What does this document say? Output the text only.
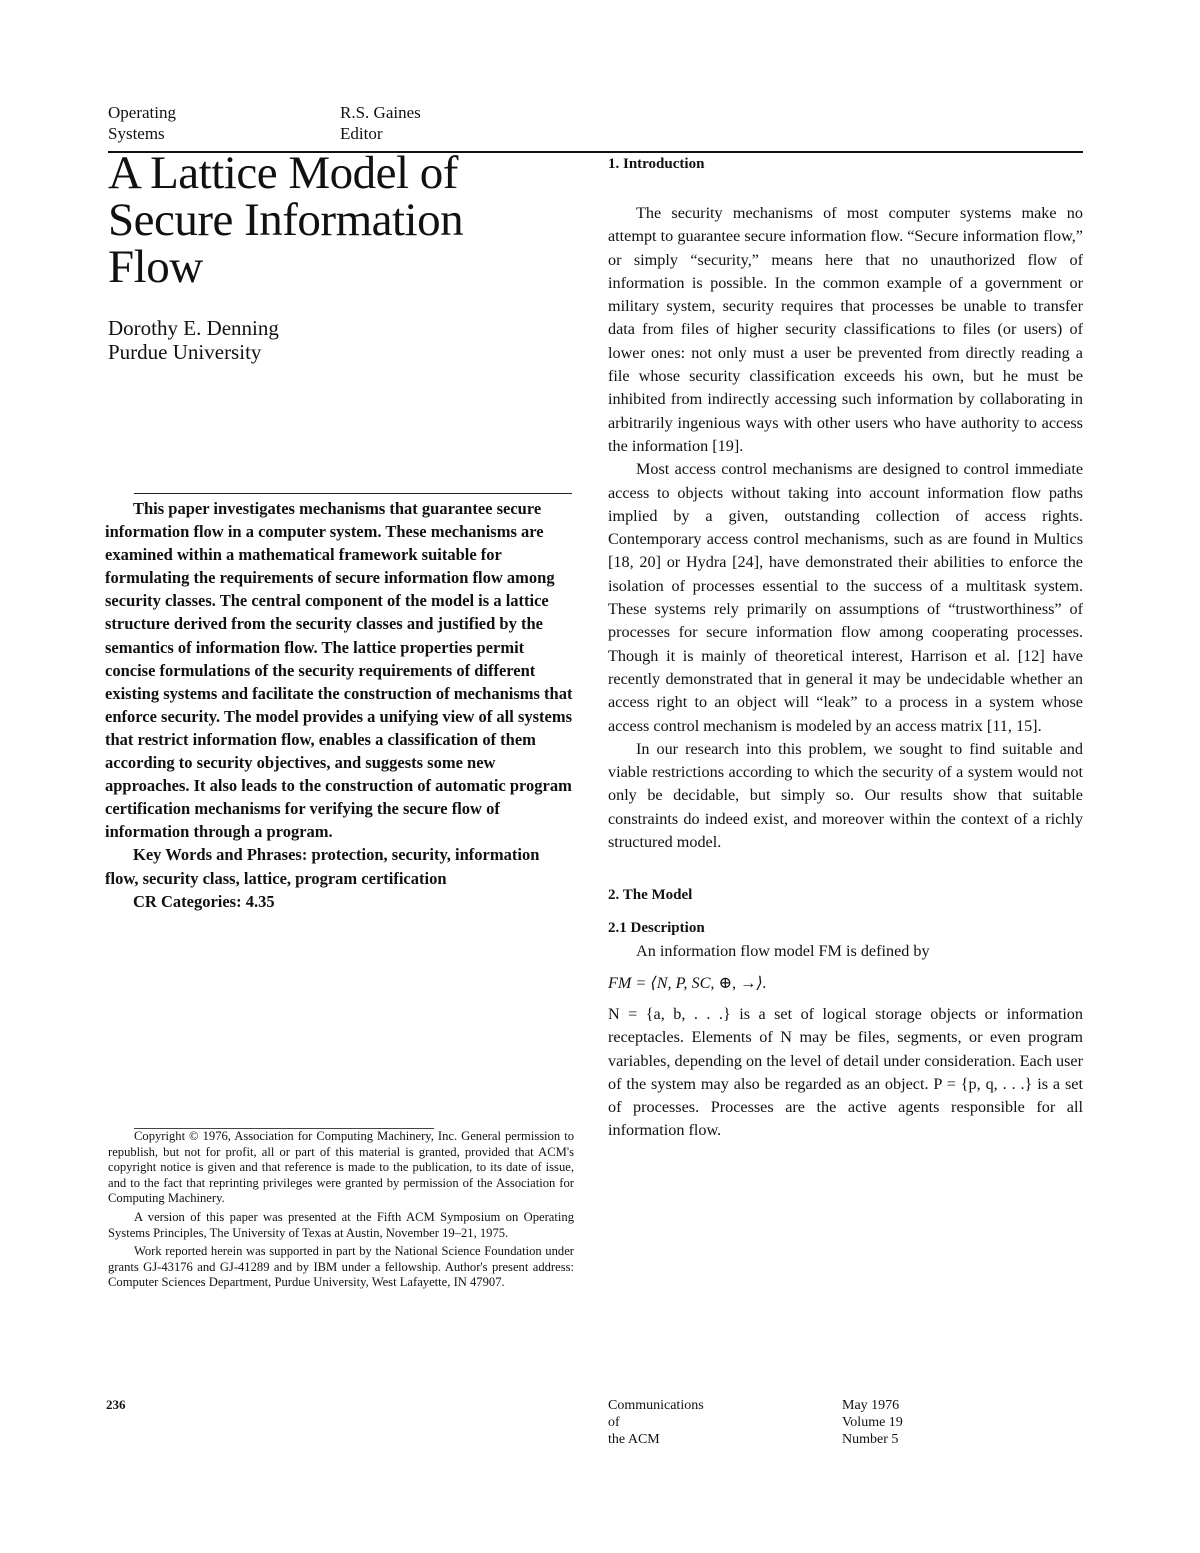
Operating
Systems
R.S. Gaines
Editor
A Lattice Model of
Secure Information
Flow
Dorothy E. Denning
Purdue University

This paper investigates mechanisms that guarantee secure information flow in a computer system. These mechanisms are examined within a mathematical framework suitable for formulating the requirements of secure information flow among security classes. The central component of the model is a lattice structure derived from the security classes and justified by the semantics of information flow. The lattice properties permit concise formulations of the security requirements of different existing systems and facilitate the construction of mechanisms that enforce security. The model provides a unifying view of all systems that restrict information flow, enables a classification of them according to security objectives, and suggests some new approaches. It also leads to the construction of automatic program certification mechanisms for verifying the secure flow of information through a program.

Key Words and Phrases: protection, security, information flow, security class, lattice, program certification

CR Categories: 4.35

Copyright © 1976, Association for Computing Machinery, Inc. General permission to republish, but not for profit, all or part of this material is granted, provided that ACM's copyright notice is given and that reference is made to the publication, to its date of issue, and to the fact that reprinting privileges were granted by permission of the Association for Computing Machinery.

A version of this paper was presented at the Fifth ACM Symposium on Operating Systems Principles, The University of Texas at Austin, November 19–21, 1975.

Work reported herein was supported in part by the National Science Foundation under grants GJ-43176 and GJ-41289 and by IBM under a fellowship. Author's present address: Computer Sciences Department, Purdue University, West Lafayette, IN 47907.

236
1. Introduction

The security mechanisms of most computer systems make no attempt to guarantee secure information flow. “Secure information flow,” or simply “security,” means here that no unauthorized flow of information is possible. In the common example of a government or military system, security requires that processes be unable to transfer data from files of higher security classifications to files (or users) of lower ones: not only must a user be prevented from directly reading a file whose security classification exceeds his own, but he must be inhibited from indirectly accessing such information by collaborating in arbitrarily ingenious ways with other users who have authority to access the information [19].

Most access control mechanisms are designed to control immediate access to objects without taking into account information flow paths implied by a given, outstanding collection of access rights. Contemporary access control mechanisms, such as are found in Multics [18, 20] or Hydra [24], have demonstrated their abilities to enforce the isolation of processes essential to the success of a multitask system. These systems rely primarily on assumptions of “trustworthiness” of processes for secure information flow among cooperating processes. Though it is mainly of theoretical interest, Harrison et al. [12] have recently demonstrated that in general it may be undecidable whether an access right to an object will “leak” to a process in a system whose access control mechanism is modeled by an access matrix [11, 15].

In our research into this problem, we sought to find suitable and viable restrictions according to which the security of a system would not only be decidable, but simply so. Our results show that suitable constraints do indeed exist, and moreover within the context of a richly structured model.

2. The Model
2.1 Description

An information flow model FM is defined by

FM = ⟨N, P, SC, ⊕, →⟩.

N = {a, b, . . .} is a set of logical storage objects or information receptacles. Elements of N may be files, segments, or even program variables, depending on the level of detail under consideration. Each user of the system may also be regarded as an object. P = {p, q, . . .} is a set of processes. Processes are the active agents responsible for all information flow.

Communications
of
the ACM
May 1976
Volume 19
Number 5
